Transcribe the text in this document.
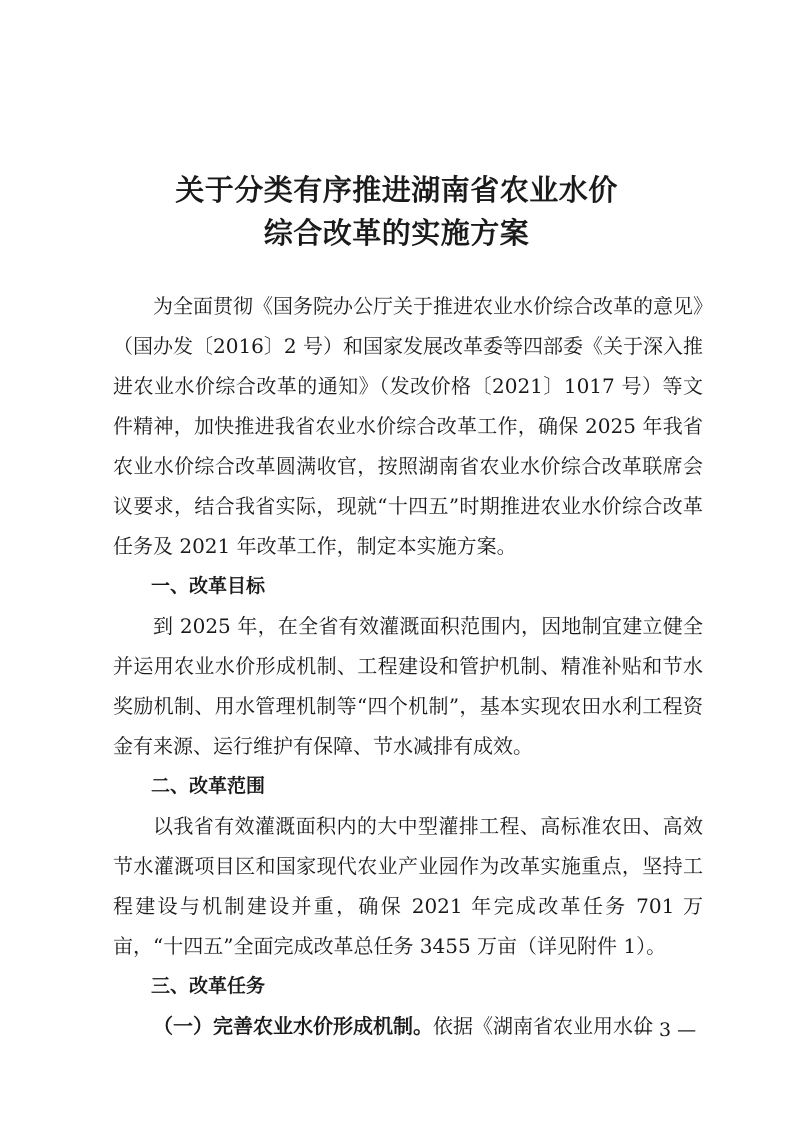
关于分类有序推进湖南省农业水价
综合改革的实施方案

为全面贯彻《国务院办公厅关于推进农业水价综合改革的意见》（国办发〔2016〕2 号）和国家发展改革委等四部委《关于深入推进农业水价综合改革的通知》（发改价格〔2021〕1017 号）等文件精神，加快推进我省农业水价综合改革工作，确保 2025 年我省农业水价综合改革圆满收官，按照湖南省农业水价综合改革联席会议要求，结合我省实际，现就“十四五”时期推进农业水价综合改革任务及 2021 年改革工作，制定本实施方案。

一、改革目标

到 2025 年，在全省有效灌溉面积范围内，因地制宜建立健全并运用农业水价形成机制、工程建设和管护机制、精准补贴和节水奖励机制、用水管理机制等“四个机制”，基本实现农田水利工程资金有来源、运行维护有保障、节水减排有成效。

二、改革范围

以我省有效灌溉面积内的大中型灌排工程、高标准农田、高效节水灌溉项目区和国家现代农业产业园作为改革实施重点，坚持工程建设与机制建设并重，确保 2021 年完成改革任务 701 万亩，“十四五”全面完成改革总任务 3455 万亩（详见附件 1）。

三、改革任务

（一）完善农业水价形成机制。依据《湖南省农业用水价

— 3 —
